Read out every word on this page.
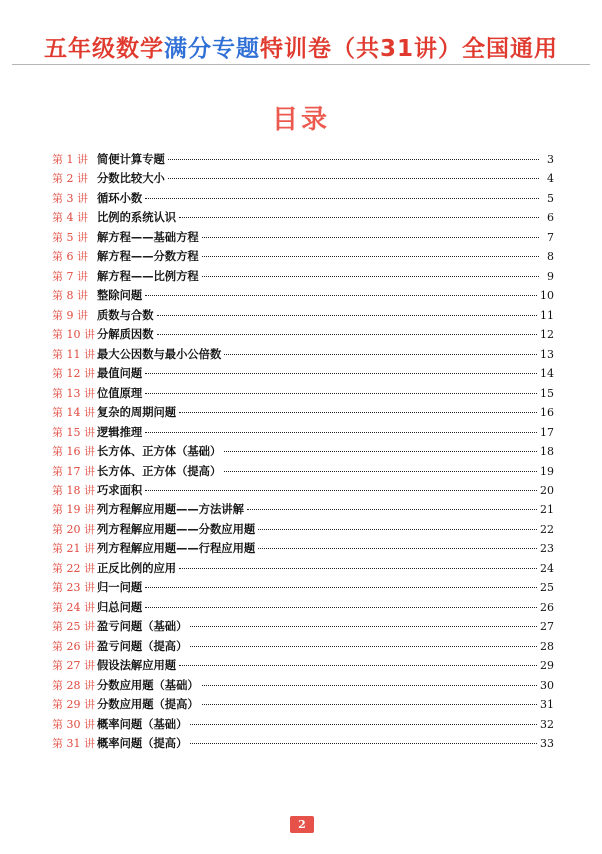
五年级数学满分专题特训卷（共31讲）全国通用
目录
第 1 讲 简便计算专题	3
第 2 讲 分数比较大小	4
第 3 讲 循环小数	5
第 4 讲 比例的系统认识	6
第 5 讲 解方程——基础方程	7
第 6 讲 解方程——分数方程	8
第 7 讲 解方程——比例方程	9
第 8 讲 整除问题	10
第 9 讲 质数与合数	11
第 10 讲 分解质因数	12
第 11 讲 最大公因数与最小公倍数	13
第 12 讲 最值问题	14
第 13 讲 位值原理	15
第 14 讲 复杂的周期问题	16
第 15 讲 逻辑推理	17
第 16 讲 长方体、正方体（基础）	18
第 17 讲 长方体、正方体（提高）	19
第 18 讲 巧求面积	20
第 19 讲 列方程解应用题——方法讲解	21
第 20 讲 列方程解应用题——分数应用题	22
第 21 讲 列方程解应用题——行程应用题	23
第 22 讲 正反比例的应用	24
第 23 讲 归一问题	25
第 24 讲 归总问题	26
第 25 讲 盈亏问题（基础）	27
第 26 讲 盈亏问题（提高）	28
第 27 讲 假设法解应用题	29
第 28 讲 分数应用题（基础）	30
第 29 讲 分数应用题（提高）	31
第 30 讲 概率问题（基础）	32
第 31 讲 概率问题（提高）	33
2
